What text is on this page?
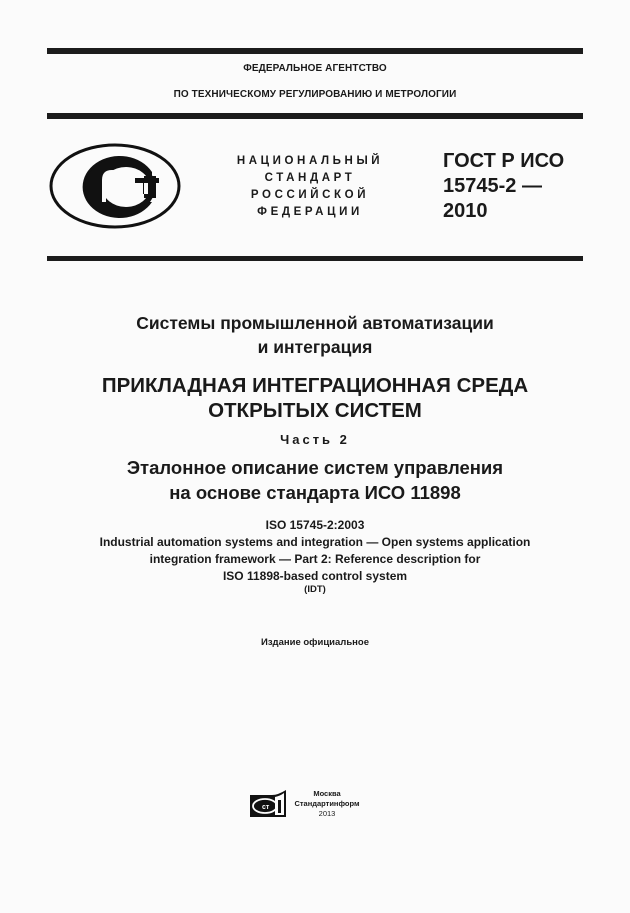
ФЕДЕРАЛЬНОЕ АГЕНТСТВО
ПО ТЕХНИЧЕСКОМУ РЕГУЛИРОВАНИЮ И МЕТРОЛОГИИ
НАЦИОНАЛЬНЫЙ
СТАНДАРТ
РОССИЙСКОЙ
ФЕДЕРАЦИИ
ГОСТ Р ИСО
15745-2 —
2010
Системы промышленной автоматизации
и интеграция
ПРИКЛАДНАЯ ИНТЕГРАЦИОННАЯ СРЕДА
ОТКРЫТЫХ СИСТЕМ
Часть 2
Эталонное описание систем управления
на основе стандарта ИСО 11898
ISO 15745-2:2003
Industrial automation systems and integration — Open systems application
integration framework — Part 2: Reference description for
ISO 11898-based control system
(IDT)
Издание официальное
ст
Москва
Стандартинформ
2013
